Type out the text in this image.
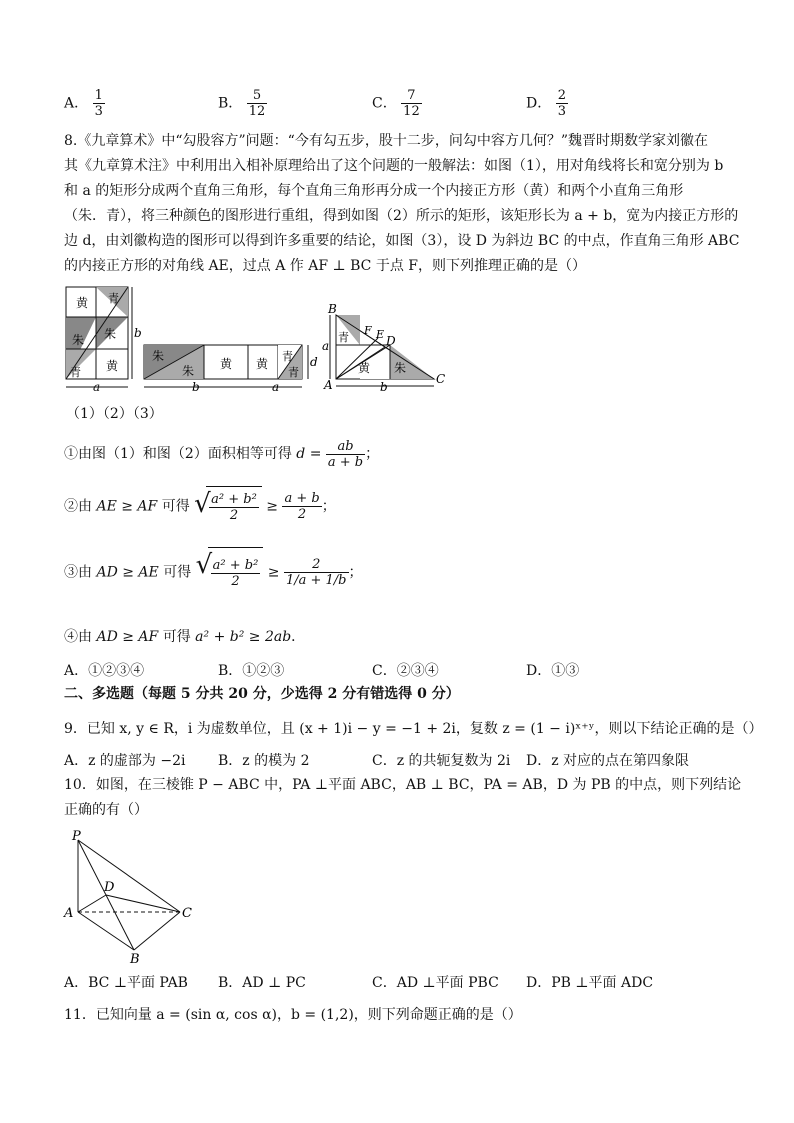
A． $\frac{1}{3}$	B． $\frac{5}{12}$	C． $\frac{7}{12}$	D． $\frac{2}{3}$
8.《九章算术》中“勾股容方”问题：“今有勾五步，股十二步，问勾中容方几何？”魏晋时期数学家刘徽在
其《九章算术注》中利用出入相补原理给出了这个问题的一般解法：如图（1），用对角线将长和宽分别为 b
和 a 的矩形分成两个直角三角形，每个直角三角形再分成一个内接正方形（黄）和两个小直角三角形
（朱．青），将三种颜色的图形进行重组，得到如图（2）所示的矩形，该矩形长为 a + b，宽为内接正方形的
边 d，由刘徽构造的图形可以得到许多重要的结论，如图（3），设 D 为斜边 BC 的中点，作直角三角形 ABC
的内接正方形的对角线 AE，过点 A 作 AF ⊥ BC 于点 F，则下列推理正确的是（）
黄 青
朱
朱
黄
青
b
a
朱
朱 黄 黄
青
青
d
b	a
青
黄 朱
B
F E D
A	C
a
b
（1）（2）（3）
①由图（1）和图（2）面积相等可得 $d = \frac{ab}{a + b}$ ；
②由 AE ≥ AF 可得 √
$\frac{\text{a² + b²}}{2} \ge \frac{a + b}{2}$ ；
③由 AD ≥ AE 可得 √
$\frac{\text{a² + b²}}{2} \ge \frac{2}{1/a + 1/b}$ ；
④由 AD ≥ AF 可得 a² + b² ≥ 2ab．
A．①②③④	B．①②③	C．②③④	D．①③
二、多选题（每题 5 分共 20 分，少选得 2 分有错选得 0 分）
9．已知 x, y ∈ R，i 为虚数单位，且 (x + 1)i − y = −1 + 2i，复数 z = (1 − i)ˣ⁺ʸ，则以下结论正确的是（）
A．z 的虚部为 −2i B．z 的模为 2	C．z 的共轭复数为 2i D．z 对应的点在第四象限
10．如图，在三棱锥 P − ABC 中，PA ⊥平面 ABC，AB ⊥ BC，PA = AB，D 为 PB 的中点，则下列结论
正确的有（）
P
D
A	C
B
A．BC ⊥平面 PAB B．AD ⊥ PC	C．AD ⊥平面 PBC D．PB ⊥平面 ADC
11．已知向量 a = (sin α, cos α)，b = (1,2)，则下列命题正确的是（）
